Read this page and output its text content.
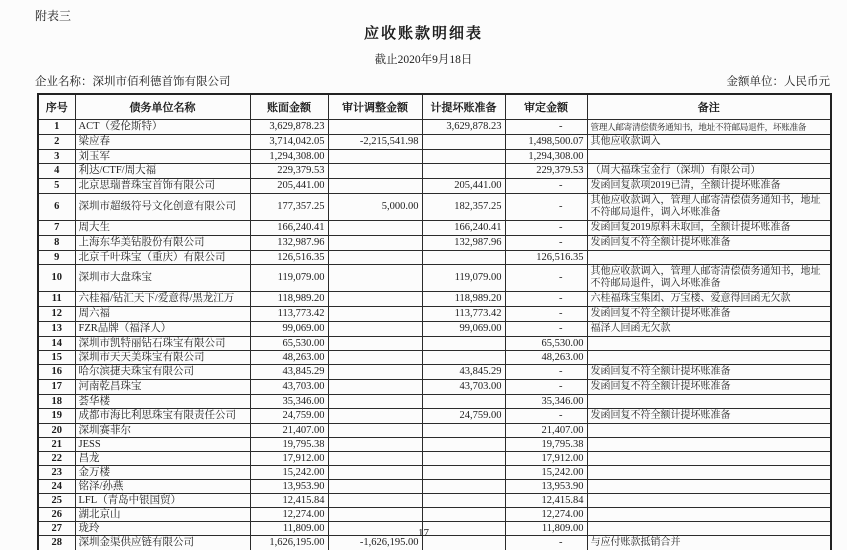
附表三
应收账款明细表
截止2020年9月18日
企业名称：深圳市佰利德首饰有限公司	金额单位：人民币元
序号	债务单位名称	账面金额	审计调整金额	计提坏账准备	审定金额	备注
1	ACT（爱伦斯特）	3,629,878.23		3,629,878.23	-	管理人邮寄清偿债务通知书，地址不符邮局退件，坏账准备
2	梁应春	3,714,042.05	-2,215,541.98		1,498,500.07	其他应收款调入
3	刘玉军	1,294,308.00			1,294,308.00	
4	利达/CTF/周大福	229,379.53			229,379.53	（周大福珠宝金行（深圳）有限公司）
5	北京思瑞普珠宝首饰有限公司	205,441.00		205,441.00	-	发函回复款项2019已清，全额计提坏账准备
6	深圳市超级符号文化创意有限公司	177,357.25	5,000.00	182,357.25	-	其他应收款调入，管理人邮寄清偿债务通知书，地址不符邮局退件，调入坏账准备
7	周大生	166,240.41		166,240.41	-	发函回复2019原料未取回，全额计提坏账准备
8	上海东华美钻股份有限公司	132,987.96		132,987.96	-	发函回复不符全额计提坏账准备
9	北京千叶珠宝（重庆）有限公司	126,516.35			126,516.35	
10	深圳市大盘珠宝	119,079.00		119,079.00	-	其他应收款调入，管理人邮寄清偿债务通知书，地址不符邮局退件，调入坏账准备
11	六桂福/钻汇天下/爱意得/黑龙江万	118,989.20		118,989.20	-	六桂福珠宝集团、万宝楼、爱意得回函无欠款
12	周六福	113,773.42		113,773.42	-	发函回复不符全额计提坏账准备
13	FZR品牌（福泽人）	99,069.00		99,069.00	-	福泽人回函无欠款
14	深圳市凯特丽钻石珠宝有限公司	65,530.00			65,530.00	
15	深圳市天天美珠宝有限公司	48,263.00			48,263.00	
16	哈尔滨捷夫珠宝有限公司	43,845.29		43,845.29	-	发函回复不符全额计提坏账准备
17	河南乾昌珠宝	43,703.00		43,703.00	-	发函回复不符全额计提坏账准备
18	荟华楼	35,346.00			35,346.00	
19	成都市海比利思珠宝有限责任公司	24,759.00		24,759.00	-	发函回复不符全额计提坏账准备
20	深圳赛菲尔	21,407.00			21,407.00	
21	JESS	19,795.38			19,795.38	
22	昌龙	17,912.00			17,912.00	
23	金万楼	15,242.00			15,242.00	
24	铭泽/孙燕	13,953.90			13,953.90	
25	LFL（青岛中银国贸）	12,415.84			12,415.84	
26	湖北京山	12,274.00			12,274.00	
27	珑玲	11,809.00			11,809.00	
28	深圳金渠供应链有限公司	1,626,195.00	-1,626,195.00		-	与应付账款抵销合并
17
